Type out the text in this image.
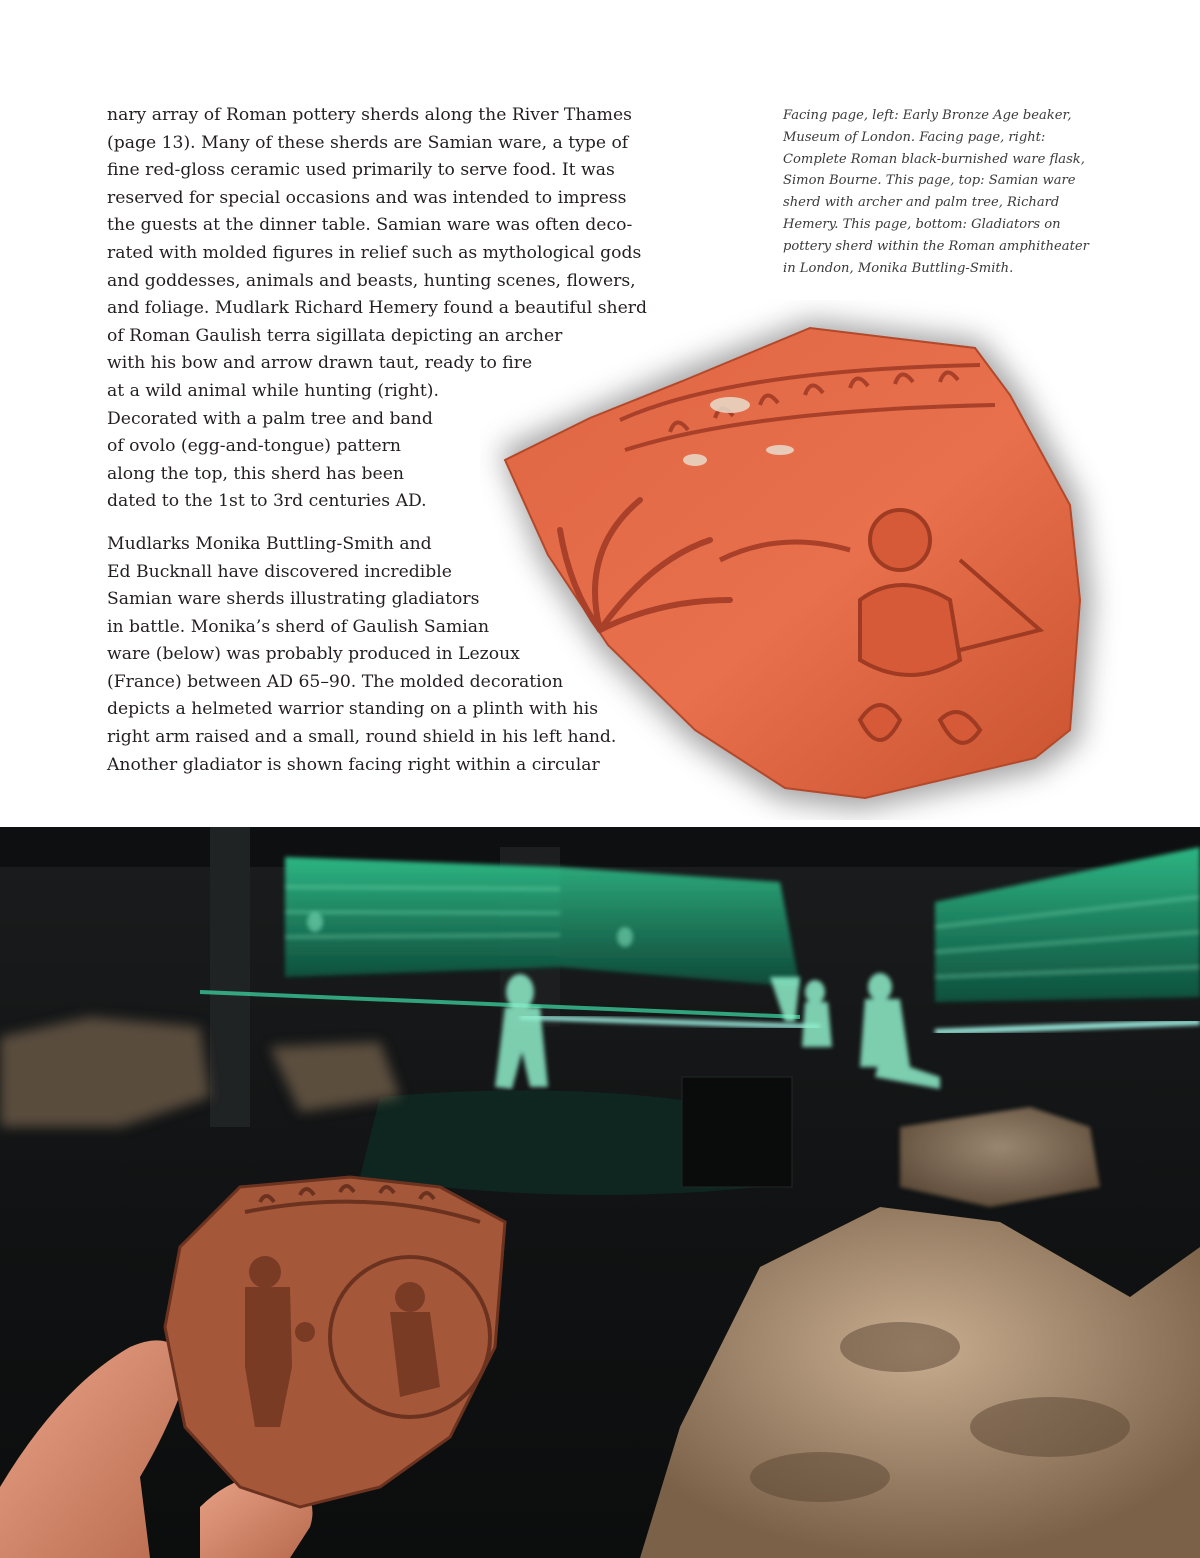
nary array of Roman pottery sherds along the River Thames
(page 13). Many of these sherds are Samian ware, a type of
fine red-gloss ceramic used primarily to serve food. It was
reserved for special occasions and was intended to impress
the guests at the dinner table. Samian ware was often deco-
rated with molded figures in relief such as mythological gods
and goddesses, animals and beasts, hunting scenes, flowers,
and foliage. Mudlark Richard Hemery found a beautiful sherd
of Roman Gaulish terra sigillata depicting an archer
with his bow and arrow drawn taut, ready to fire
at a wild animal while hunting (right).
Decorated with a palm tree and band
of ovolo (egg-and-tongue) pattern
along the top, this sherd has been
dated to the 1st to 3rd centuries AD.
Mudlarks Monika Buttling-Smith and
Ed Bucknall have discovered incredible
Samian ware sherds illustrating gladiators
in battle. Monika’s sherd of Gaulish Samian
ware (below) was probably produced in Lezoux
(France) between AD 65–90. The molded decoration
depicts a helmeted warrior standing on a plinth with his
right arm raised and a small, round shield in his left hand.
Another gladiator is shown facing right within a circular
Facing page, left: Early Bronze Age beaker,
Museum of London. Facing page, right:
Complete Roman black-burnished ware flask,
Simon Bourne. This page, top: Samian ware
sherd with archer and palm tree, Richard
Hemery. This page, bottom: Gladiators on
pottery sherd within the Roman amphitheater
in London, Monika Buttling-Smith.
